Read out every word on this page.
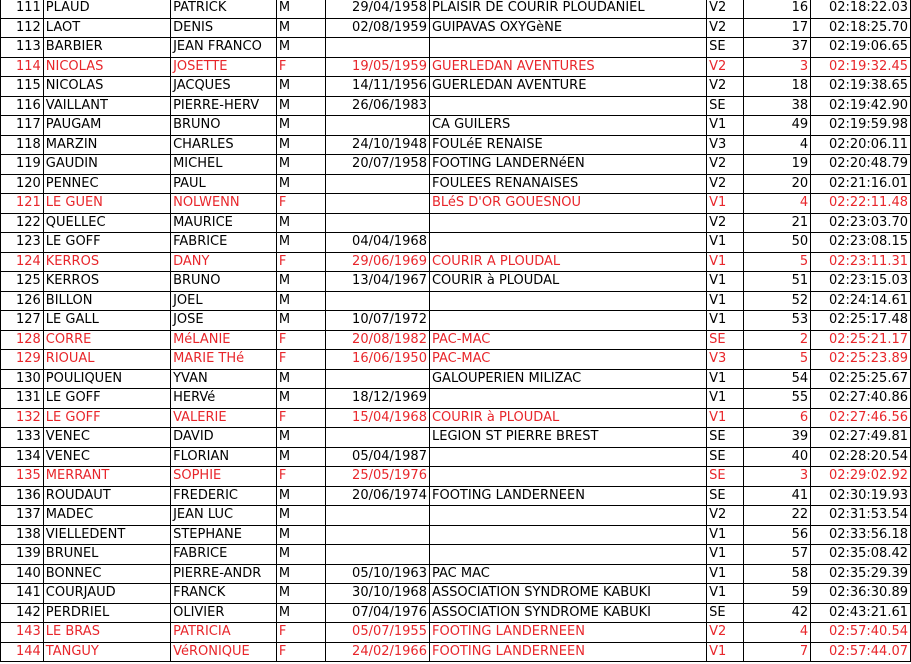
111	PLAUD	PATRICK	M	29/04/1958	PLAISIR DE COURIR PLOUDANIEL	V2	16	02:18:22.03
112	LAOT	DENIS	M	02/08/1959	GUIPAVAS OXYGèNE	V2	17	02:18:25.70
113	BARBIER	JEAN FRANCO	M			SE	37	02:19:06.65
114	NICOLAS	JOSETTE	F	19/05/1959	GUERLEDAN AVENTURES	V2	3	02:19:32.45
115	NICOLAS	JACQUES	M	14/11/1956	GUERLEDAN AVENTURE	V2	18	02:19:38.65
116	VAILLANT	PIERRE-HERV	M	26/06/1983		SE	38	02:19:42.90
117	PAUGAM	BRUNO	M		CA GUILERS	V1	49	02:19:59.98
118	MARZIN	CHARLES	M	24/10/1948	FOULéE RENAISE	V3	4	02:20:06.11
119	GAUDIN	MICHEL	M	20/07/1958	FOOTING LANDERNéEN	V2	19	02:20:48.79
120	PENNEC	PAUL	M		FOULEES RENANAISES	V2	20	02:21:16.01
121	LE GUEN	NOLWENN	F		BLéS D'OR GOUESNOU	V1	4	02:22:11.48
122	QUELLEC	MAURICE	M			V2	21	02:23:03.70
123	LE GOFF	FABRICE	M	04/04/1968		V1	50	02:23:08.15
124	KERROS	DANY	F	29/06/1969	COURIR A PLOUDAL	V1	5	02:23:11.31
125	KERROS	BRUNO	M	13/04/1967	COURIR à PLOUDAL	V1	51	02:23:15.03
126	BILLON	JOEL	M			V1	52	02:24:14.61
127	LE GALL	JOSE	M	10/07/1972		V1	53	02:25:17.48
128	CORRE	MéLANIE	F	20/08/1982	PAC-MAC	SE	2	02:25:21.17
129	RIOUAL	MARIE THé	F	16/06/1950	PAC-MAC	V3	5	02:25:23.89
130	POULIQUEN	YVAN	M		GALOUPERIEN MILIZAC	V1	54	02:25:25.67
131	LE GOFF	HERVé	M	18/12/1969		V1	55	02:27:40.86
132	LE GOFF	VALERIE	F	15/04/1968	COURIR à PLOUDAL	V1	6	02:27:46.56
133	VENEC	DAVID	M		LEGION ST PIERRE BREST	SE	39	02:27:49.81
134	VENEC	FLORIAN	M	05/04/1987		SE	40	02:28:20.54
135	MERRANT	SOPHIE	F	25/05/1976		SE	3	02:29:02.92
136	ROUDAUT	FREDERIC	M	20/06/1974	FOOTING LANDERNEEN	SE	41	02:30:19.93
137	MADEC	JEAN LUC	M			V2	22	02:31:53.54
138	VIELLEDENT	STEPHANE	M			V1	56	02:33:56.18
139	BRUNEL	FABRICE	M			V1	57	02:35:08.42
140	BONNEC	PIERRE-ANDR	M	05/10/1963	PAC MAC	V1	58	02:35:29.39
141	COURJAUD	FRANCK	M	30/10/1968	ASSOCIATION SYNDROME KABUKI	V1	59	02:36:30.89
142	PERDRIEL	OLIVIER	M	07/04/1976	ASSOCIATION SYNDROME KABUKI	SE	42	02:43:21.61
143	LE BRAS	PATRICIA	F	05/07/1955	FOOTING LANDERNEEN	V2	4	02:57:40.54
144	TANGUY	VéRONIQUE	F	24/02/1966	FOOTING LANDERNEEN	V1	7	02:57:44.07
